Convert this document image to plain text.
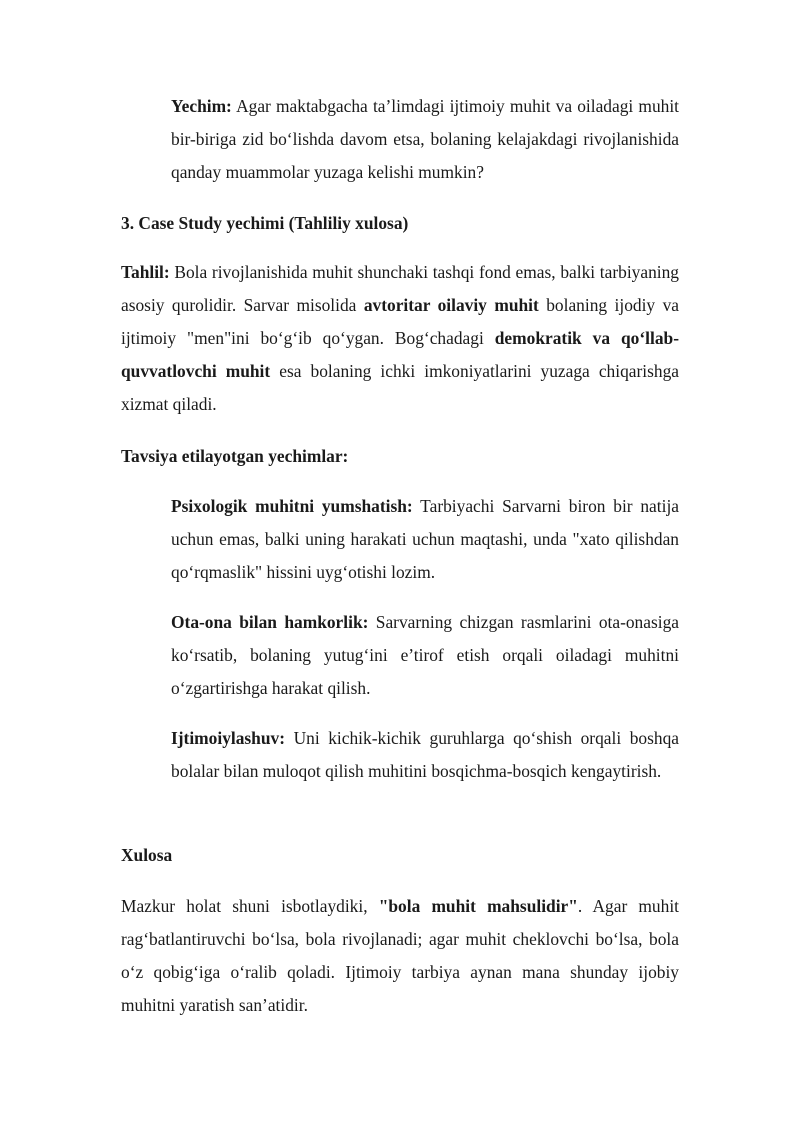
Yechim: Agar maktabgacha ta’limdagi ijtimoiy muhit va oiladagi muhit bir-biriga zid bo‘lishda davom etsa, bolaning kelajakdagi rivojlanishida qanday muammolar yuzaga kelishi mumkin?

3. Case Study yechimi (Tahliliy xulosa)

Tahlil: Bola rivojlanishida muhit shunchaki tashqi fond emas, balki tarbiyaning asosiy qurolidir. Sarvar misolida avtoritar oilaviy muhit bolaning ijodiy va ijtimoiy "men"ini bo‘g‘ib qo‘ygan. Bog‘chadagi demokratik va qo‘llab-quvvatlovchi muhit esa bolaning ichki imkoniyatlarini yuzaga chiqarishga xizmat qiladi.

Tavsiya etilayotgan yechimlar:

Psixologik muhitni yumshatish: Tarbiyachi Sarvarni biron bir natija uchun emas, balki uning harakati uchun maqtashi, unda "xato qilishdan qo‘rqmaslik" hissini uyg‘otishi lozim.

Ota-ona bilan hamkorlik: Sarvarning chizgan rasmlarini ota-onasiga ko‘rsatib, bolaning yutug‘ini e’tirof etish orqali oiladagi muhitni o‘zgartirishga harakat qilish.

Ijtimoiylashuv: Uni kichik-kichik guruhlarga qo‘shish orqali boshqa bolalar bilan muloqot qilish muhitini bosqichma-bosqich kengaytirish.

Xulosa

Mazkur holat shuni isbotlaydiki, "bola muhit mahsulidir". Agar muhit rag‘batlantiruvchi bo‘lsa, bola rivojlanadi; agar muhit cheklovchi bo‘lsa, bola o‘z qobig‘iga o‘ralib qoladi. Ijtimoiy tarbiya aynan mana shunday ijobiy muhitni yaratish san’atidir.
